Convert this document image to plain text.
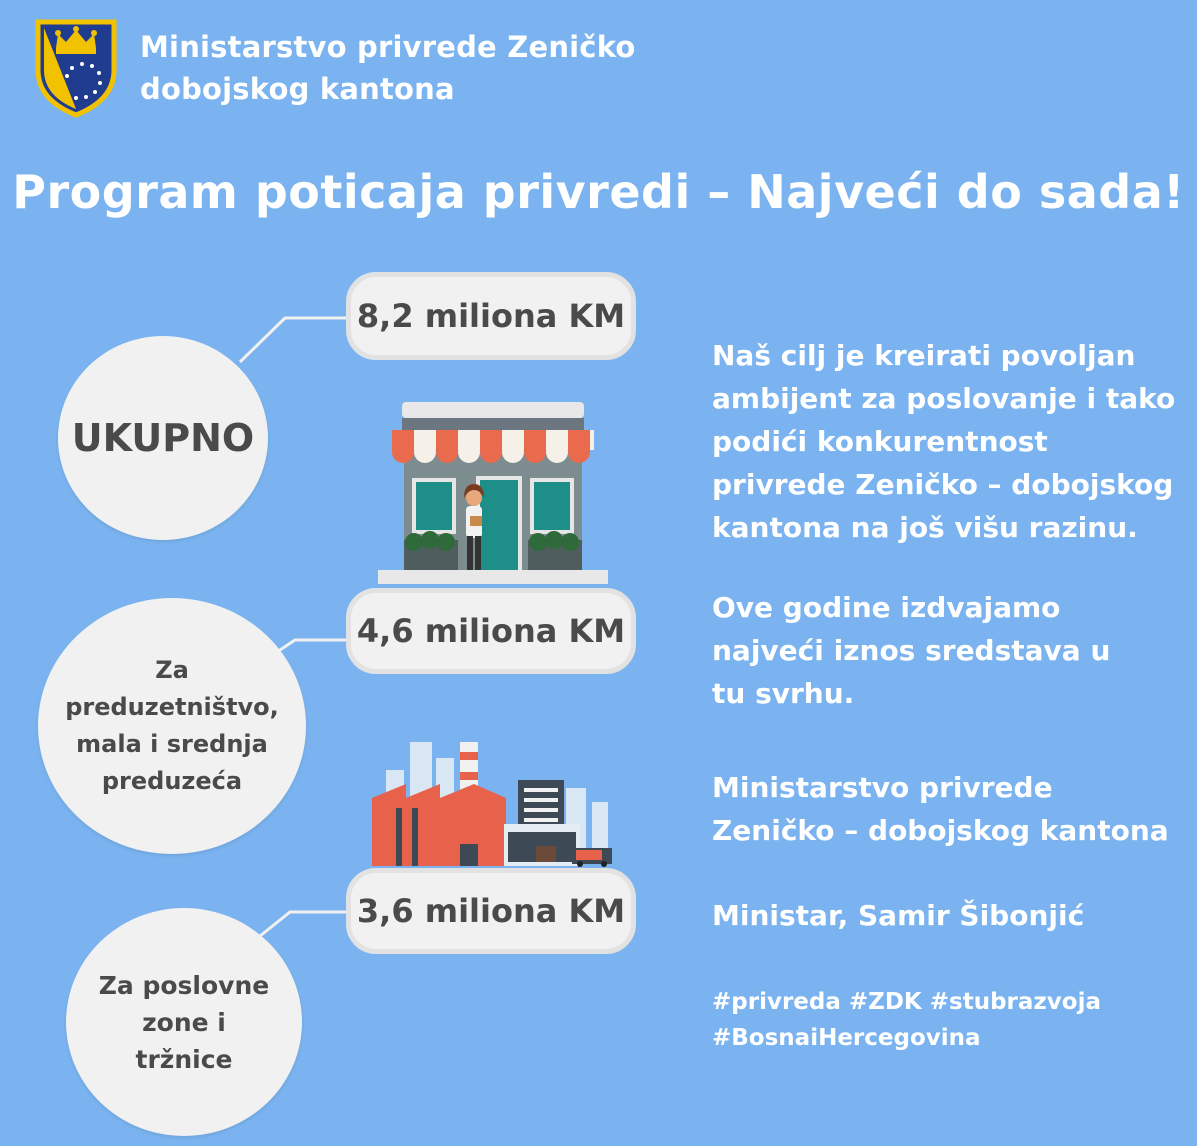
Ministarstvo privrede Zeničko dobojskog kantona
Program poticaja privredi – Najveći do sada!
UKUPNO
Za preduzetništvo, mala i srednja preduzeća
Za poslovne zone i tržnice
8,2 miliona KM
4,6 miliona KM
3,6 miliona KM
Naš cilj je kreirati povoljan ambijent za poslovanje i tako podići konkurentnost privrede Zeničko – dobojskog kantona na još višu razinu.
Ove godine izdvajamo najveći iznos sredstava u tu svrhu.
Ministarstvo privrede Zeničko – dobojskog kantona
Ministar, Samir Šibonjić
#privreda #ZDK #stubrazvoja #BosnaiHercegovina
